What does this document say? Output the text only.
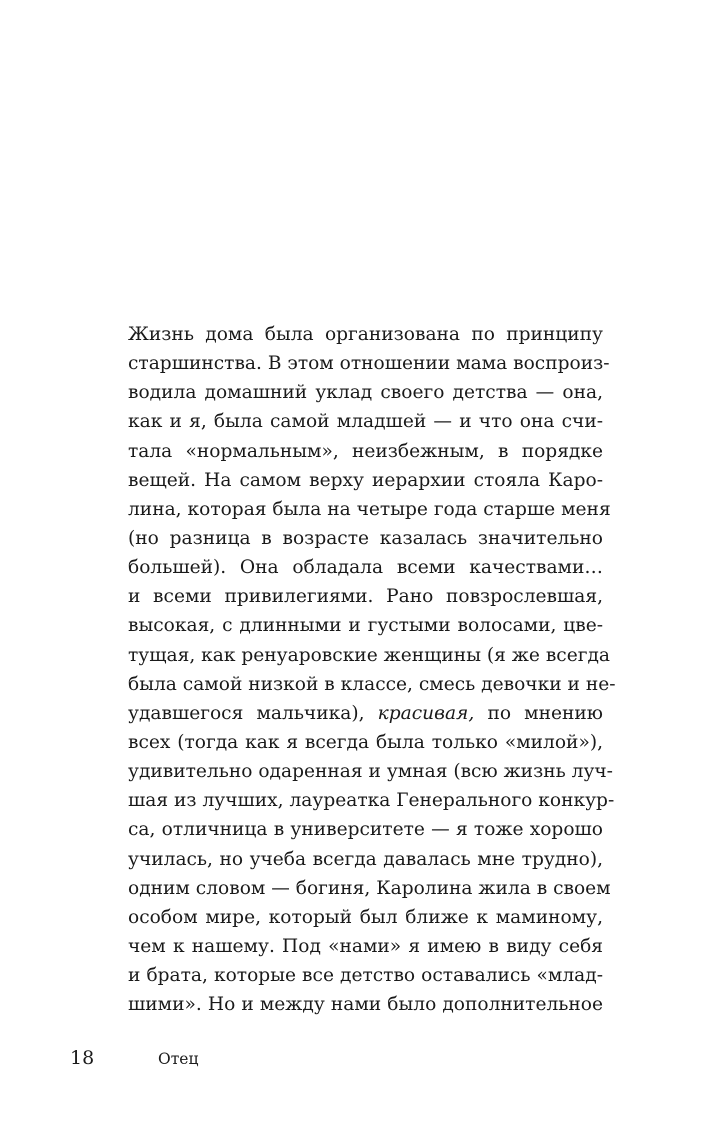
Жизнь дома была организована по принципу
старшинства. В этом отношении мама воспроиз-
водила домашний уклад своего детства — она,
как и я, была самой младшей — и что она счи-
тала «нормальным», неизбежным, в порядке
вещей. На самом верху иерархии стояла Каро-
лина, которая была на четыре года старше меня
(но разница в возрасте казалась значительно
большей). Она обладала всеми качествами…
и всеми привилегиями. Рано повзрослевшая,
высокая, с длинными и густыми волосами, цве-
тущая, как ренуаровские женщины (я же всегда
была самой низкой в классе, смесь девочки и не-
удавшегося мальчика), красивая, по мнению
всех (тогда как я всегда была только «милой»),
удивительно одаренная и умная (всю жизнь луч-
шая из лучших, лауреатка Генерального конкур-
са, отличница в университете — я тоже хорошо
училась, но учеба всегда давалась мне трудно),
одним словом — богиня, Каролина жила в своем
особом мире, который был ближе к маминому,
чем к нашему. Под «нами» я имею в виду себя
и брата, которые все детство оставались «млад-
шими». Но и между нами было дополнительное
18	Отец
